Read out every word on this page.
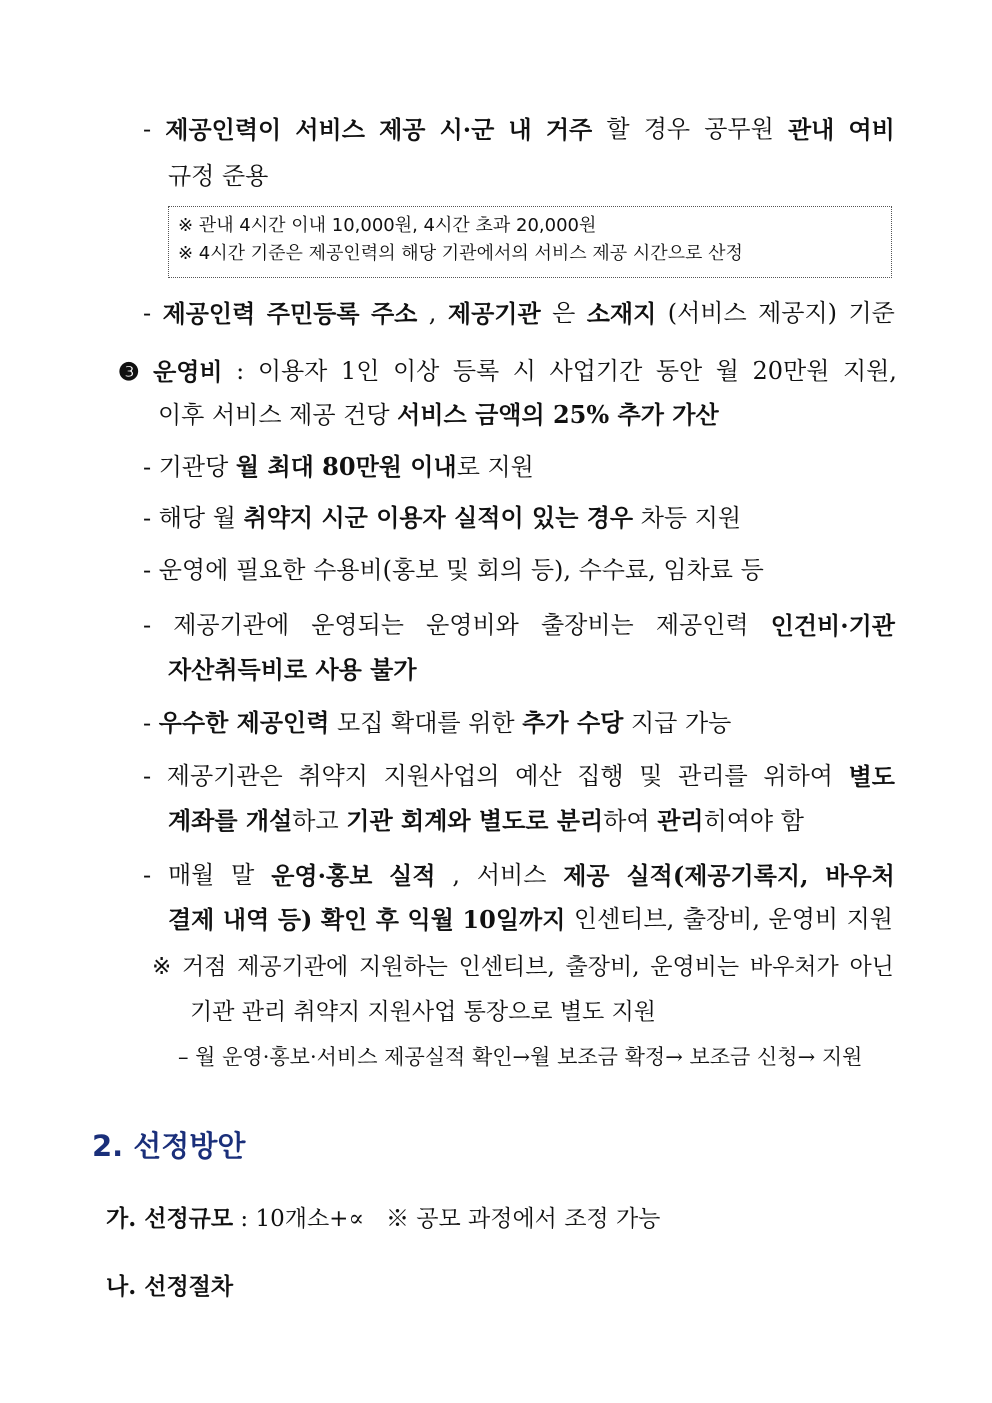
- 제공인력이 서비스 제공 시·군 내 거주 할 경우 공무원 관내 여비
규정 준용
※ 관내 4시간 이내 10,000원, 4시간 초과 20,000원
※ 4시간 기준은 제공인력의 해당 기관에서의 서비스 제공 시간으로 산정
- 제공인력 주민등록 주소 , 제공기관 은 소재지 (서비스 제공지) 기준
❸ 운영비 : 이용자 1인 이상 등록 시 사업기간 동안 월 20만원 지원,
이후 서비스 제공 건당 서비스 금액의 25% 추가 가산
- 기관당 월 최대 80만원 이내로 지원
- 해당 월 취약지 시군 이용자 실적이 있는 경우 차등 지원
- 운영에 필요한 수용비(홍보 및 회의 등), 수수료, 임차료 등
- 제공기관에 운영되는 운영비와 출장비는 제공인력 인건비·기관
자산취득비로 사용 불가
- 우수한 제공인력 모집 확대를 위한 추가 수당 지급 가능
- 제공기관은 취약지 지원사업의 예산 집행 및 관리를 위하여 별도
계좌를 개설하고 기관 회계와 별도로 분리하여 관리히여야 함
- 매월 말 운영·홍보 실적 , 서비스 제공 실적(제공기록지, 바우처
결제 내역 등) 확인 후 익월 10일까지 인센티브, 출장비, 운영비 지원
※ 거점 제공기관에 지원하는 인센티브, 출장비, 운영비는 바우처가 아닌
기관 관리 취약지 지원사업 통장으로 별도 지원
– 월 운영·홍보·서비스 제공실적 확인→월 보조금 확정→ 보조금 신청→ 지원
2. 선정방안
가. 선정규모 : 10개소+∝   ※ 공모 과정에서 조정 가능
나. 선정절차
